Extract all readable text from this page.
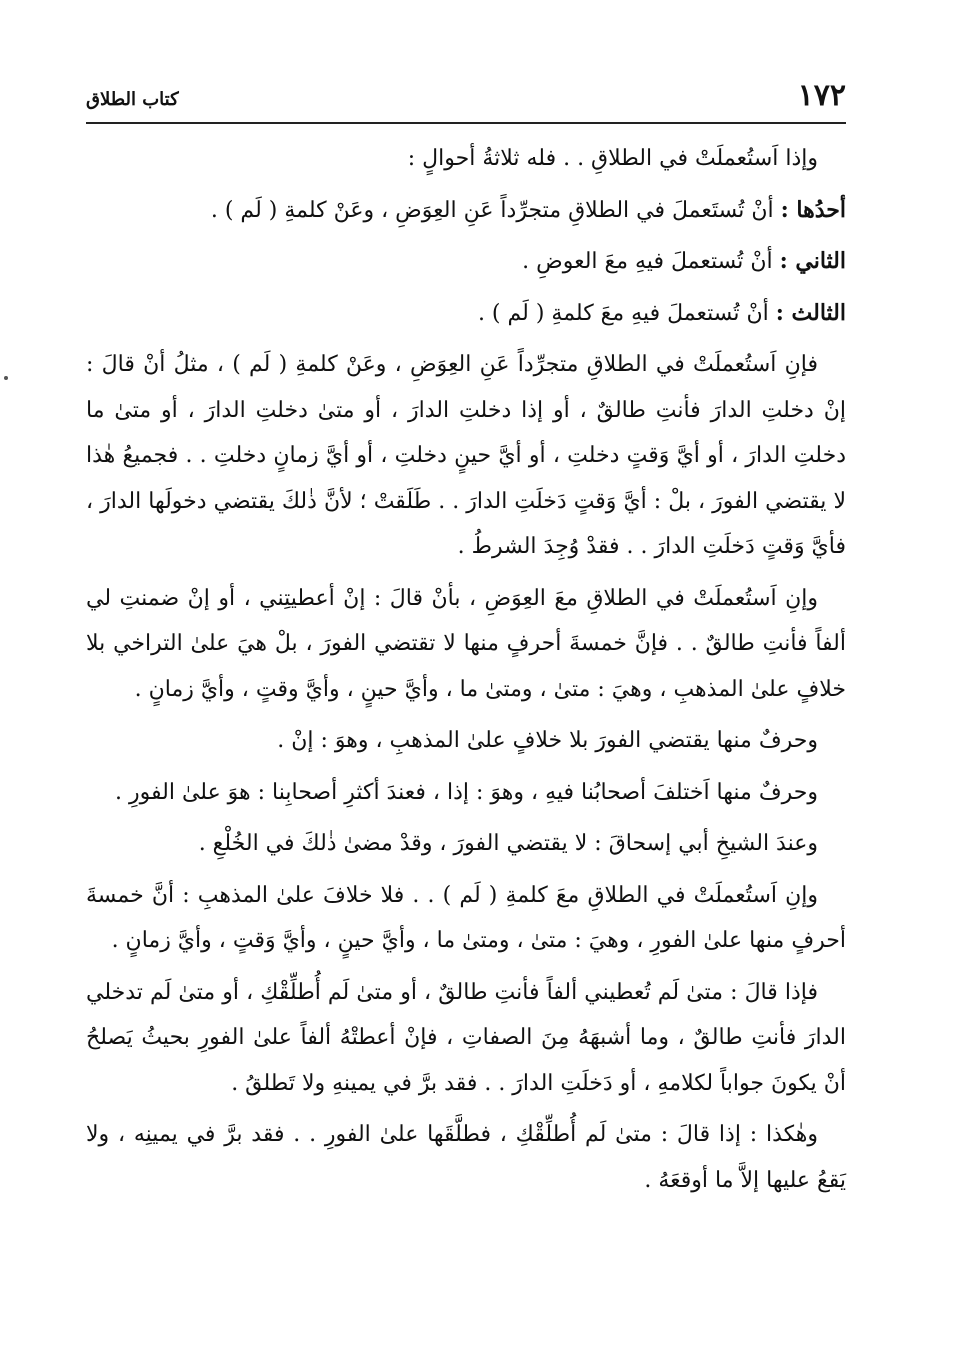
١٧٢
كتاب الطلاق

وإذا اَستُعملَتْ في الطلاقِ . . فله ثلاثةُ أحوالٍ :

أحدُها : أنْ تُستَعملَ في الطلاقِ متجرِّداً عَنِ العِوَضِ ، وعَنْ كلمةِ ( لَم ) .

الثاني : أنْ تُستعملَ فيهِ معَ العوضِ .

الثالث : أنْ تُستعملَ فيهِ معَ كلمةِ ( لَم ) .

فإنِ اَستُعملَتْ في الطلاقِ متجرِّداً عَنِ العِوَضِ ، وعَنْ كلمةِ ( لَم ) ، مثلُ أنْ قالَ : إنْ دخلتِ الدارَ فأنتِ طالقٌ ، أو إذا دخلتِ الدارَ ، أو متىٰ دخلتِ الدارَ ، أو متىٰ ما دخلتِ الدارَ ، أو أيَّ وَقتٍ دخلتِ ، أو أيَّ حينٍ دخلتِ ، أو أيَّ زمانٍ دخلتِ . . فجميعُ هٰذا لا يقتضي الفورَ ، بلْ : أيَّ وَقتٍ دَخلَتِ الدارَ . . طَلَقتْ ؛ لأنَّ ذٰلكَ يقتضي دخولَها الدارَ ، فأيَّ وَقتٍ دَخلَتِ الدارَ . . فقدْ وُجِدَ الشرطُ .

وإنِ اَستُعملَتْ في الطلاقِ معَ العِوَضِ ، بأنْ قالَ : إنْ أعطيتِني ، أو إنْ ضمنتِ لي ألفاً فأنتِ طالقٌ . . فإنَّ خمسةَ أحرفٍ منها لا تقتضي الفورَ ، بلْ هيَ علىٰ التراخي بلا خلافٍ علىٰ المذهبِ ، وهيَ : متىٰ ، ومتىٰ ما ، وأيَّ حينٍ ، وأيَّ وقتٍ ، وأيَّ زمانٍ .

وحرفٌ منها يقتضي الفورَ بلا خلافٍ علىٰ المذهبِ ، وهوَ : إنْ .

وحرفٌ منها اَختلفَ أصحابُنا فيهِ ، وهوَ : إذا ، فعندَ أكثرِ أصحابِنا : هوَ علىٰ الفورِ .

وعندَ الشيخِ أبي إسحاقَ : لا يقتضي الفورَ ، وقدْ مضىٰ ذٰلكَ في الخُلْعِ .

وإنِ اَستُعملَتْ في الطلاقِ معَ كلمةِ ( لَم ) . . فلا خلافَ علىٰ المذهبِ : أنَّ خمسةَ أحرفٍ منها علىٰ الفورِ ، وهيَ : متىٰ ، ومتىٰ ما ، وأيَّ حينٍ ، وأيَّ وَقتٍ ، وأيَّ زمانٍ .

فإذا قالَ : متىٰ لَم تُعطيني ألفاً فأنتِ طالقٌ ، أو متىٰ لَم أُطلِّقْكِ ، أو متىٰ لَم تدخلي الدارَ فأنتِ طالقٌ ، وما أشبهَهُ مِنَ الصفاتِ ، فإنْ أعطتْهُ ألفاً علىٰ الفورِ بحيثُ يَصلحُ أنْ يكونَ جواباً لكلامهِ ، أو دَخلَتِ الدارَ . . فقد برَّ في يمينهِ ولا تَطلقُ .

وهٰكذا : إذا قالَ : متىٰ لَم أُطلِّقْكِ ، فطلَّقَها علىٰ الفورِ . . فقد برَّ في يمينِه ، ولا يَقعُ عليها إلاَّ ما أوقعَهُ .
